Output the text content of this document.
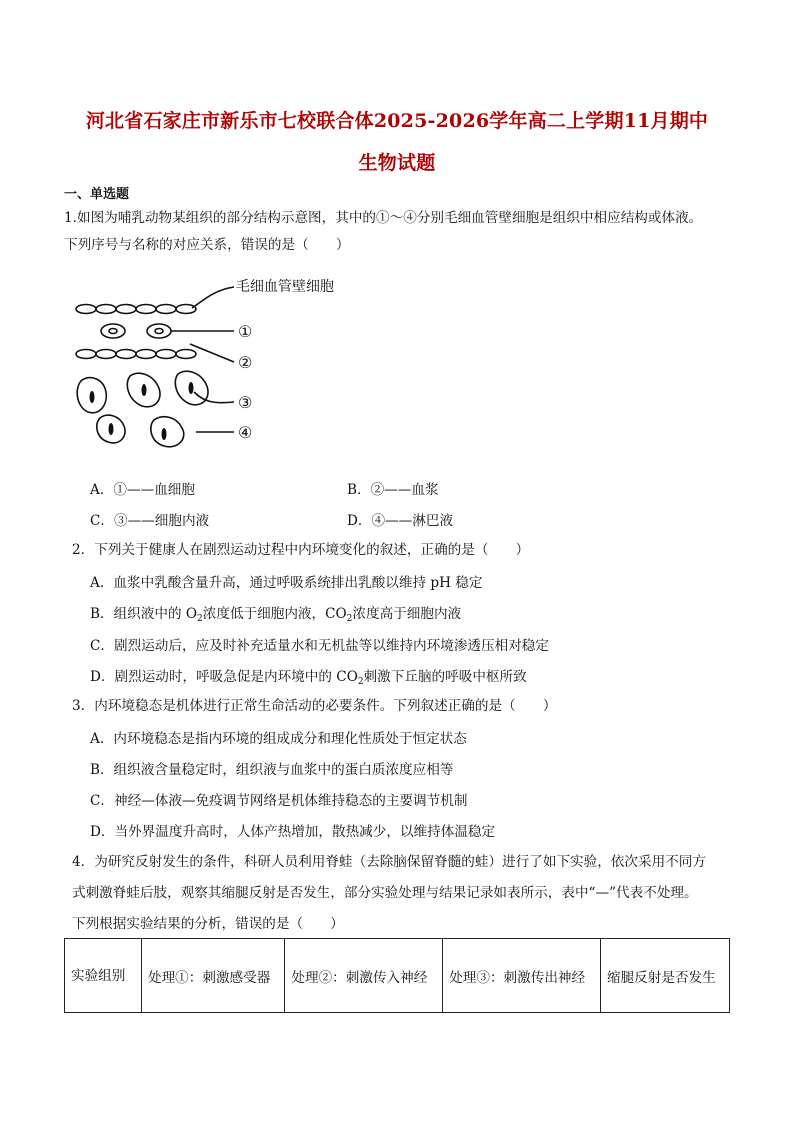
河北省石家庄市新乐市七校联合体2025-2026学年高二上学期11月期中
生物试题
一、单选题
1.如图为哺乳动物某组织的部分结构示意图，其中的①～④分别毛细血管壁细胞是组织中相应结构或体液。
下列序号与名称的对应关系，错误的是（　　）
毛细血管壁细胞
①
②
③
④
A．①——血细胞	B．②——血浆
C．③——细胞内液	D．④——淋巴液
2．下列关于健康人在剧烈运动过程中内环境变化的叙述，正确的是（　　）
A．血浆中乳酸含量升高，通过呼吸系统排出乳酸以维持 pH 稳定
B．组织液中的 $O_2$浓度低于细胞内液，$CO_2$浓度高于细胞内液
C．剧烈运动后，应及时补充适量水和无机盐等以维持内环境渗透压相对稳定
D．剧烈运动时，呼吸急促是内环境中的 $CO_2$刺激下丘脑的呼吸中枢所致
3．内环境稳态是机体进行正常生命活动的必要条件。下列叙述正确的是（　　）
A．内环境稳态是指内环境的组成成分和理化性质处于恒定状态
B．组织液含量稳定时，组织液与血浆中的蛋白质浓度应相等
C．神经—体液—免疫调节网络是机体维持稳态的主要调节机制
D．当外界温度升高时，人体产热增加，散热减少，以维持体温稳定
4．为研究反射发生的条件，科研人员利用脊蛙（去除脑保留脊髓的蛙）进行了如下实验，依次采用不同方
式刺激脊蛙后肢，观察其缩腿反射是否发生，部分实验处理与结果记录如表所示，表中“—”代表不处理。
下列根据实验结果的分析，错误的是（　　）
实验组别	处理①：刺激感受器	处理②：刺激传入神经	处理③：刺激传出神经	缩腿反射是否发生
